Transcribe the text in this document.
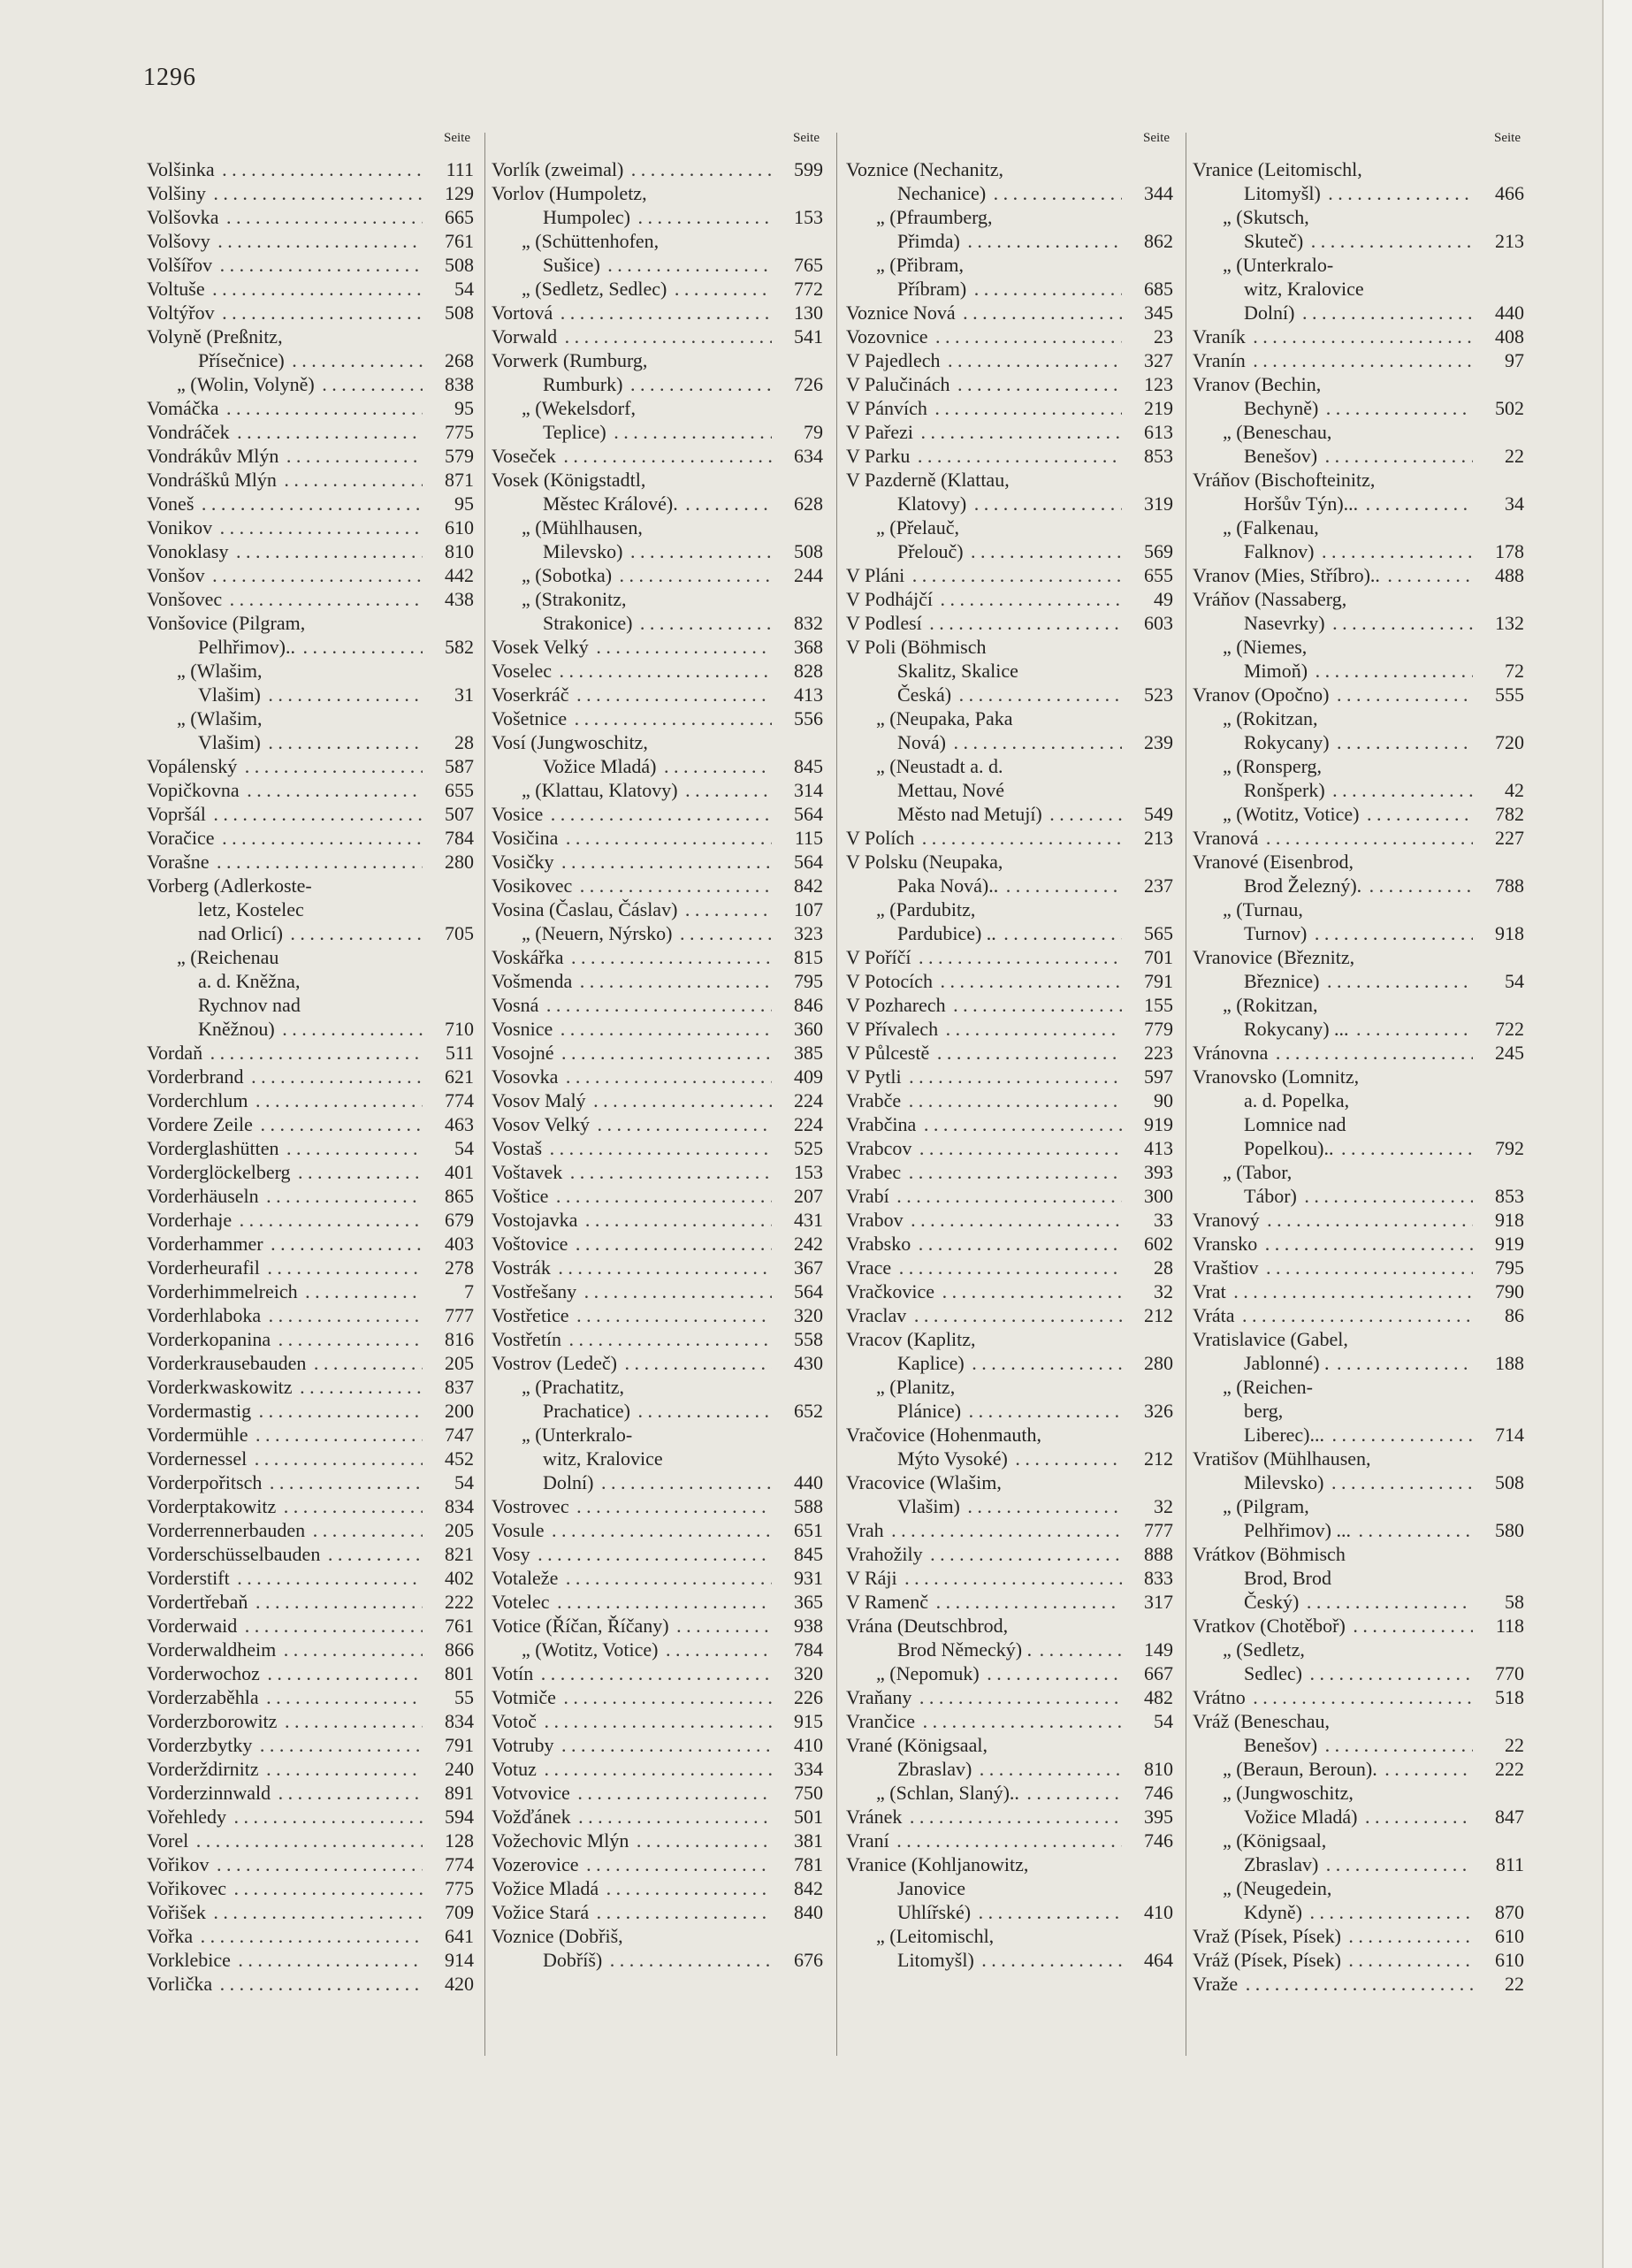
1296
Seite
Volšinka . . .	111
Volšiny . . .	129
Volšovka . . .	665
Volšovy . . .	761
Volšířov . . .	508
Voltuše . . .	54
Voltýřov . . .	508
Volyně (Preßnitz,
Přísečnice) . . .	268
„ (Wolin, Volyně) . . .	838
Vomáčka . . .	95
Vondráček . . .	775
Vondrákův Mlýn . . .	579
Vondrášků Mlýn . . .	871
Voneš . . .	95
Vonikov . . .	610
Vonoklasy . . .	810
Vonšov . . .	442
Vonšovec . . .	438
Vonšovice (Pilgram,
Pelhřimov).. . . .	582
„ (Wlašim,
Vlašim) . . .	31
„ (Wlašim,
Vlašim) . . .	28
Vopálenský . . .	587
Vopičkovna . . .	655
Vopršál . . .	507
Voračice . . .	784
Vorašne . . .	280
Vorberg (Adlerkoste-
letz, Kostelec
nad Orlicí) . . .	705
„ (Reichenau
a. d. Kněžna,
Rychnov nad
Kněžnou) . . .	710
Vordaň . . .	511
Vorderbrand . . .	621
Vorderchlum . . .	774
Vordere Zeile . . .	463
Vorderglashütten . . .	54
Vorderglöckelberg . . .	401
Vorderhäuseln . . .	865
Vorderhaje . . .	679
Vorderhammer . . .	403
Vorderheurafil . . .	278
Vorderhimmelreich . . .	7
Vorderhlaboka . . .	777
Vorderkopanina . . .	816
Vorderkrausebauden . . .	205
Vorderkwaskowitz . . .	837
Vordermastig . . .	200
Vordermühle . . .	747
Vordernessel . . .	452
Vorderpořitsch . . .	54
Vorderptakowitz . . .	834
Vorderrennerbauden . . .	205
Vorderschüsselbauden . . .	821
Vorderstift . . .	402
Vordertřebaň . . .	222
Vorderwaid . . .	761
Vorderwaldheim . . .	866
Vorderwochoz . . .	801
Vorderzaběhla . . .	55
Vorderzborowitz . . .	834
Vorderzbytky . . .	791
Vorderždirnitz . . .	240
Vorderzinnwald . . .	891
Vořehledy . . .	594
Vorel . . .	128
Vořikov . . .	774
Vořikovec . . .	775
Vořišek . . .	709
Vořka . . .	641
Vorklebice . . .	914
Vorlička . . .	420
Seite
Vorlík (zweimal) . . .	599
Vorlov (Humpoletz,
Humpolec) . . .	153
„ (Schüttenhofen,
Sušice) . . .	765
„ (Sedletz, Sedlec) . . .	772
Vortová . . .	130
Vorwald . . .	541
Vorwerk (Rumburg,
Rumburk) . . .	726
„ (Wekelsdorf,
Teplice) . . .	79
Voseček . . .	634
Vosek (Königstadtl,
Městec Králové). . . .	628
„ (Mühlhausen,
Milevsko) . . .	508
„ (Sobotka) . . .	244
„ (Strakonitz,
Strakonice) . . .	832
Vosek Velký . . .	368
Voselec . . .	828
Voserkráč . . .	413
Vošetnice . . .	556
Vosí (Jungwoschitz,
Vožice Mladá) . . .	845
„ (Klattau, Klatovy) . . .	314
Vosice . . .	564
Vosičina . . .	115
Vosičky . . .	564
Vosikovec . . .	842
Vosina (Časlau, Čáslav) . . .	107
„ (Neuern, Nýrsko) . . .	323
Voskářka . . .	815
Vošmenda . . .	795
Vosná . . .	846
Vosnice . . .	360
Vosojné . . .	385
Vosovka . . .	409
Vosov Malý . . .	224
Vosov Velký . . .	224
Vostaš . . .	525
Voštavek . . .	153
Voštice . . .	207
Vostojavka . . .	431
Voštovice . . .	242
Vostrák . . .	367
Vostřešany . . .	564
Vostřetice . . .	320
Vostřetín . . .	558
Vostrov (Ledeč) . . .	430
„ (Prachatitz,
Prachatice) . . .	652
„ (Unterkralo-
witz, Kralovice
Dolní) . . .	440
Vostrovec . . .	588
Vosule . . .	651
Vosy . . .	845
Votaleže . . .	931
Votelec . . .	365
Votice (Říčan, Říčany) . . .	938
„ (Wotitz, Votice) . . .	784
Votín . . .	320
Votmiče . . .	226
Votoč . . .	915
Votruby . . .	410
Votuz . . .	334
Votvovice . . .	750
Vožďánek . . .	501
Vožechovic Mlýn . . .	381
Vozerovice . . .	781
Vožice Mladá . . .	842
Vožice Stará . . .	840
Voznice (Dobřiš,
Dobříš) . . .	676
Seite
Voznice (Nechanitz,
Nechanice) . . .	344
„ (Pfraumberg,
Přimda) . . .	862
„ (Přibram,
Příbram) . . .	685
Voznice Nová . . .	345
Vozovnice . . .	23
V Pajedlech . . .	327
V Palučinách . . .	123
V Pánvích . . .	219
V Pařezi . . .	613
V Parku . . .	853
V Pazderně (Klattau,
Klatovy) . . .	319
„ (Přelauč,
Přelouč) . . .	569
V Pláni . . .	655
V Podhájčí . . .	49
V Podlesí . . .	603
V Poli (Böhmisch
Skalitz, Skalice
Česká) . . .	523
„ (Neupaka, Paka
Nová) . . .	239
„ (Neustadt a. d.
Mettau, Nové
Město nad Metují) . . .	549
V Polích . . .	213
V Polsku (Neupaka,
Paka Nová).. . . .	237
„ (Pardubitz,
Pardubice) .. . . .	565
V Poříčí . . .	701
V Potocích . . .	791
V Pozharech . . .	155
V Přívalech . . .	779
V Půlcestě . . .	223
V Pytli . . .	597
Vrabče . . .	90
Vrabčina . . .	919
Vrabcov . . .	413
Vrabec . . .	393
Vrabí . . .	300
Vrabov . . .	33
Vrabsko . . .	602
Vrace . . .	28
Vračkovice . . .	32
Vraclav . . .	212
Vracov (Kaplitz,
Kaplice) . . .	280
„ (Planitz,
Plánice) . . .	326
Vračovice (Hohenmauth,
Mýto Vysoké) . . .	212
Vracovice (Wlašim,
Vlašim) . . .	32
Vrah . . .	777
Vrahožily . . .	888
V Ráji . . .	833
V Ramenč . . .	317
Vrána (Deutschbrod,
Brod Německý) . . . .	149
„ (Nepomuk) . . .	667
Vraňany . . .	482
Vrančice . . .	54
Vrané (Königsaal,
Zbraslav) . . .	810
„ (Schlan, Slaný).. . . .	746
Vránek . . .	395
Vraní . . .	746
Vranice (Kohljanowitz,
Janovice
Uhlířské) . . .	410
„ (Leitomischl,
Litomyšl) . . .	464
Seite
Vranice (Leitomischl,
Litomyšl) . . .	466
„ (Skutsch,
Skuteč) . . .	213
„ (Unterkralo-
witz, Kralovice
Dolní) . . .	440
Vraník . . .	408
Vranín . . .	97
Vranov (Bechin,
Bechyně) . . .	502
„ (Beneschau,
Benešov) . . .	22
Vráňov (Bischofteinitz,
Horšův Týn)... . . .	34
„ (Falkenau,
Falknov) . . .	178
Vranov (Mies, Stříbro).. . . .	488
Vráňov (Nassaberg,
Nasevrky) . . .	132
„ (Niemes,
Mimoň) . . .	72
Vranov (Opočno) . . .	555
„ (Rokitzan,
Rokycany) . . .	720
„ (Ronsperg,
Ronšperk) . . .	42
„ (Wotitz, Votice) . . .	782
Vranová . . .	227
Vranové (Eisenbrod,
Brod Železný). . . .	788
„ (Turnau,
Turnov) . . .	918
Vranovice (Březnitz,
Březnice) . . .	54
„ (Rokitzan,
Rokycany) ... . . .	722
Vránovna . . .	245
Vranovsko (Lomnitz,
a. d. Popelka,
Lomnice nad
Popelkou).. . . .	792
„ (Tabor,
Tábor) . . .	853
Vranový . . .	918
Vransko . . .	919
Vraštiov . . .	795
Vrat . . .	790
Vráta . . .	86
Vratislavice (Gabel,
Jablonné) . . . .	188
„ (Reichen-
berg,
Liberec)... . . .	714
Vratišov (Mühlhausen,
Milevsko) . . .	508
„ (Pilgram,
Pelhřimov) ... . . .	580
Vrátkov (Böhmisch
Brod, Brod
Český) . . .	58
Vratkov (Chotěboř) . . .	118
„ (Sedletz,
Sedlec) . . .	770
Vrátno . . .	518
Vráž (Beneschau,
Benešov) . . .	22
„ (Beraun, Beroun). . . .	222
„ (Jungwoschitz,
Vožice Mladá) . . .	847
„ (Königsaal,
Zbraslav) . . .	811
„ (Neugedein,
Kdyně) . . .	870
Vraž (Písek, Písek) . . .	610
Vráž (Písek, Písek) . . .	610
Vraže . . .	22
